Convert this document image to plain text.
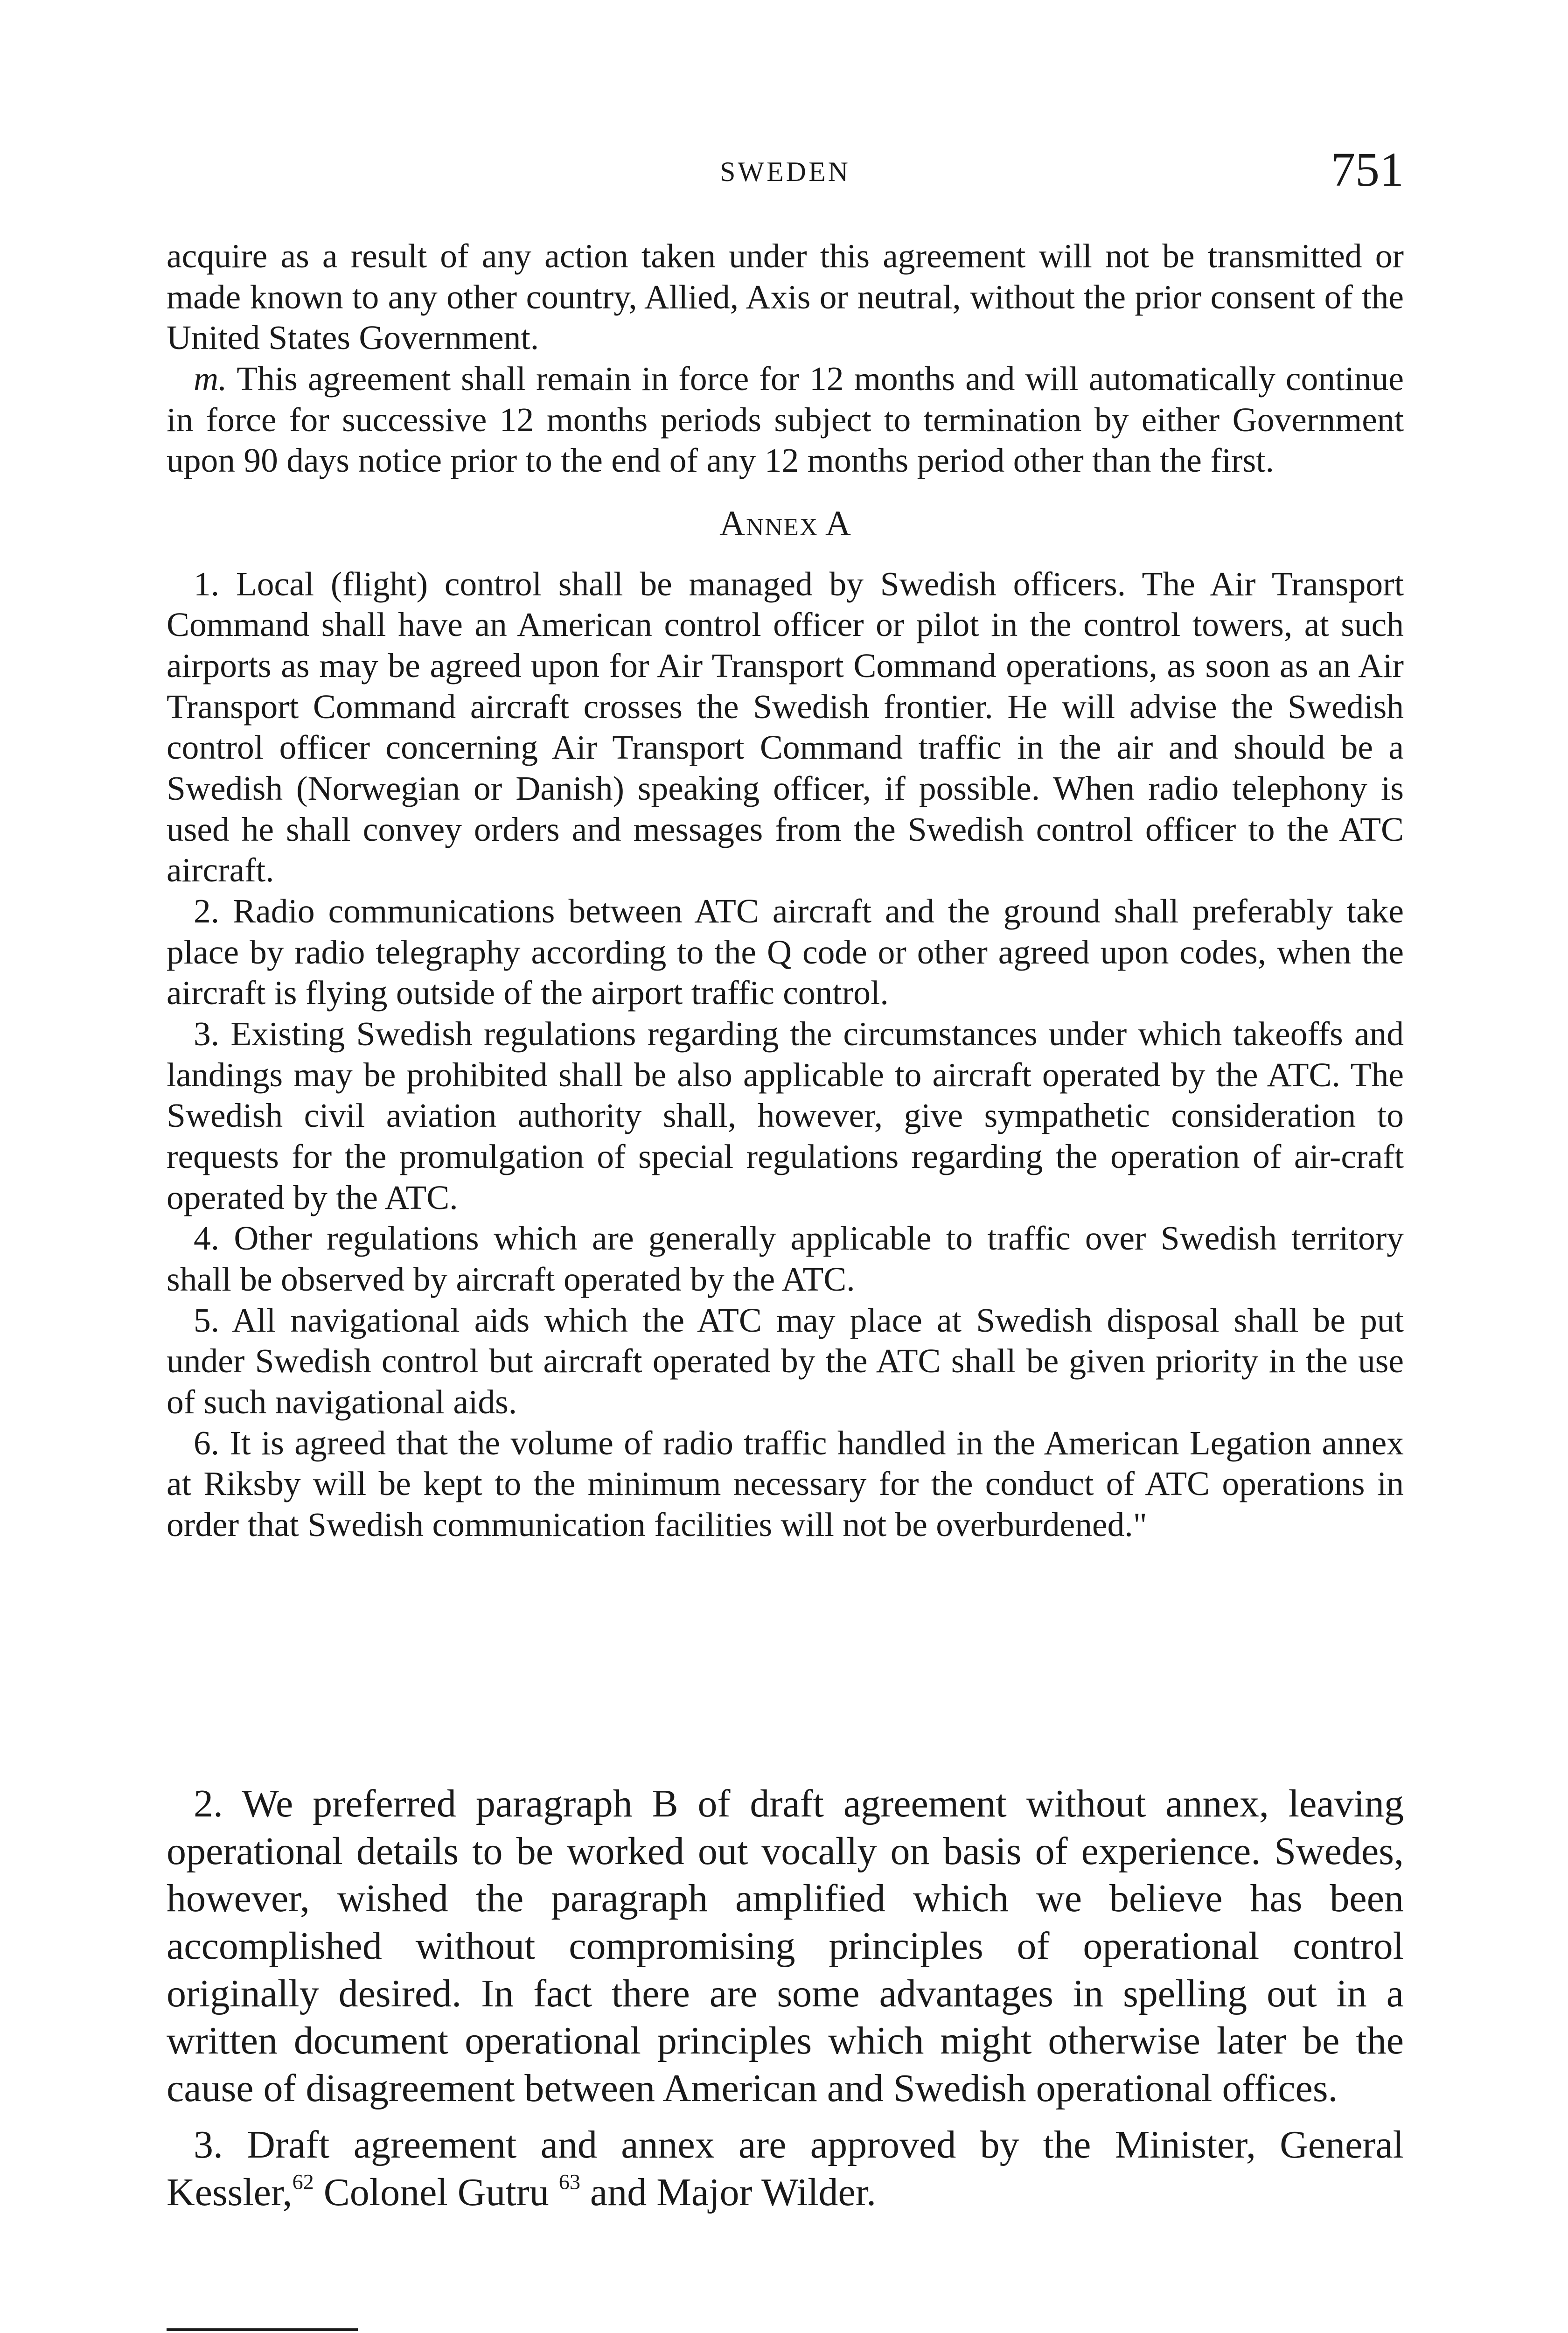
SWEDEN	751

acquire as a result of any action taken under this agreement will not be transmitted or made known to any other country, Allied, Axis or neutral, without the prior consent of the United States Government.

m. This agreement shall remain in force for 12 months and will automatically continue in force for successive 12 months periods subject to termination by either Government upon 90 days notice prior to the end of any 12 months period other than the first.

Annex A

1. Local (flight) control shall be managed by Swedish officers. The Air Transport Command shall have an American control officer or pilot in the control towers, at such airports as may be agreed upon for Air Transport Command operations, as soon as an Air Transport Command aircraft crosses the Swedish frontier. He will advise the Swedish control officer concerning Air Transport Command traffic in the air and should be a Swedish (Norwegian or Danish) speaking officer, if possible. When radio telephony is used he shall convey orders and messages from the Swedish control officer to the ATC aircraft.

2. Radio communications between ATC aircraft and the ground shall preferably take place by radio telegraphy according to the Q code or other agreed upon codes, when the aircraft is flying outside of the airport traffic control.

3. Existing Swedish regulations regarding the circumstances under which takeoffs and landings may be prohibited shall be also applicable to aircraft operated by the ATC. The Swedish civil aviation authority shall, however, give sympathetic consideration to requests for the promulgation of special regulations regarding the operation of air-craft operated by the ATC.

4. Other regulations which are generally applicable to traffic over Swedish territory shall be observed by aircraft operated by the ATC.

5. All navigational aids which the ATC may place at Swedish disposal shall be put under Swedish control but aircraft operated by the ATC shall be given priority in the use of such navigational aids.

6. It is agreed that the volume of radio traffic handled in the American Legation annex at Riksby will be kept to the minimum necessary for the conduct of ATC operations in order that Swedish communication facilities will not be overburdened."

2. We preferred paragraph B of draft agreement without annex, leaving operational details to be worked out vocally on basis of experience. Swedes, however, wished the paragraph amplified which we believe has been accomplished without compromising principles of operational control originally desired. In fact there are some advantages in spelling out in a written document operational principles which might otherwise later be the cause of disagreement between American and Swedish operational offices.

3. Draft agreement and annex are approved by the Minister, General Kessler,$^{62}$ Colonel Gutru $^{63}$ and Major Wilder.
